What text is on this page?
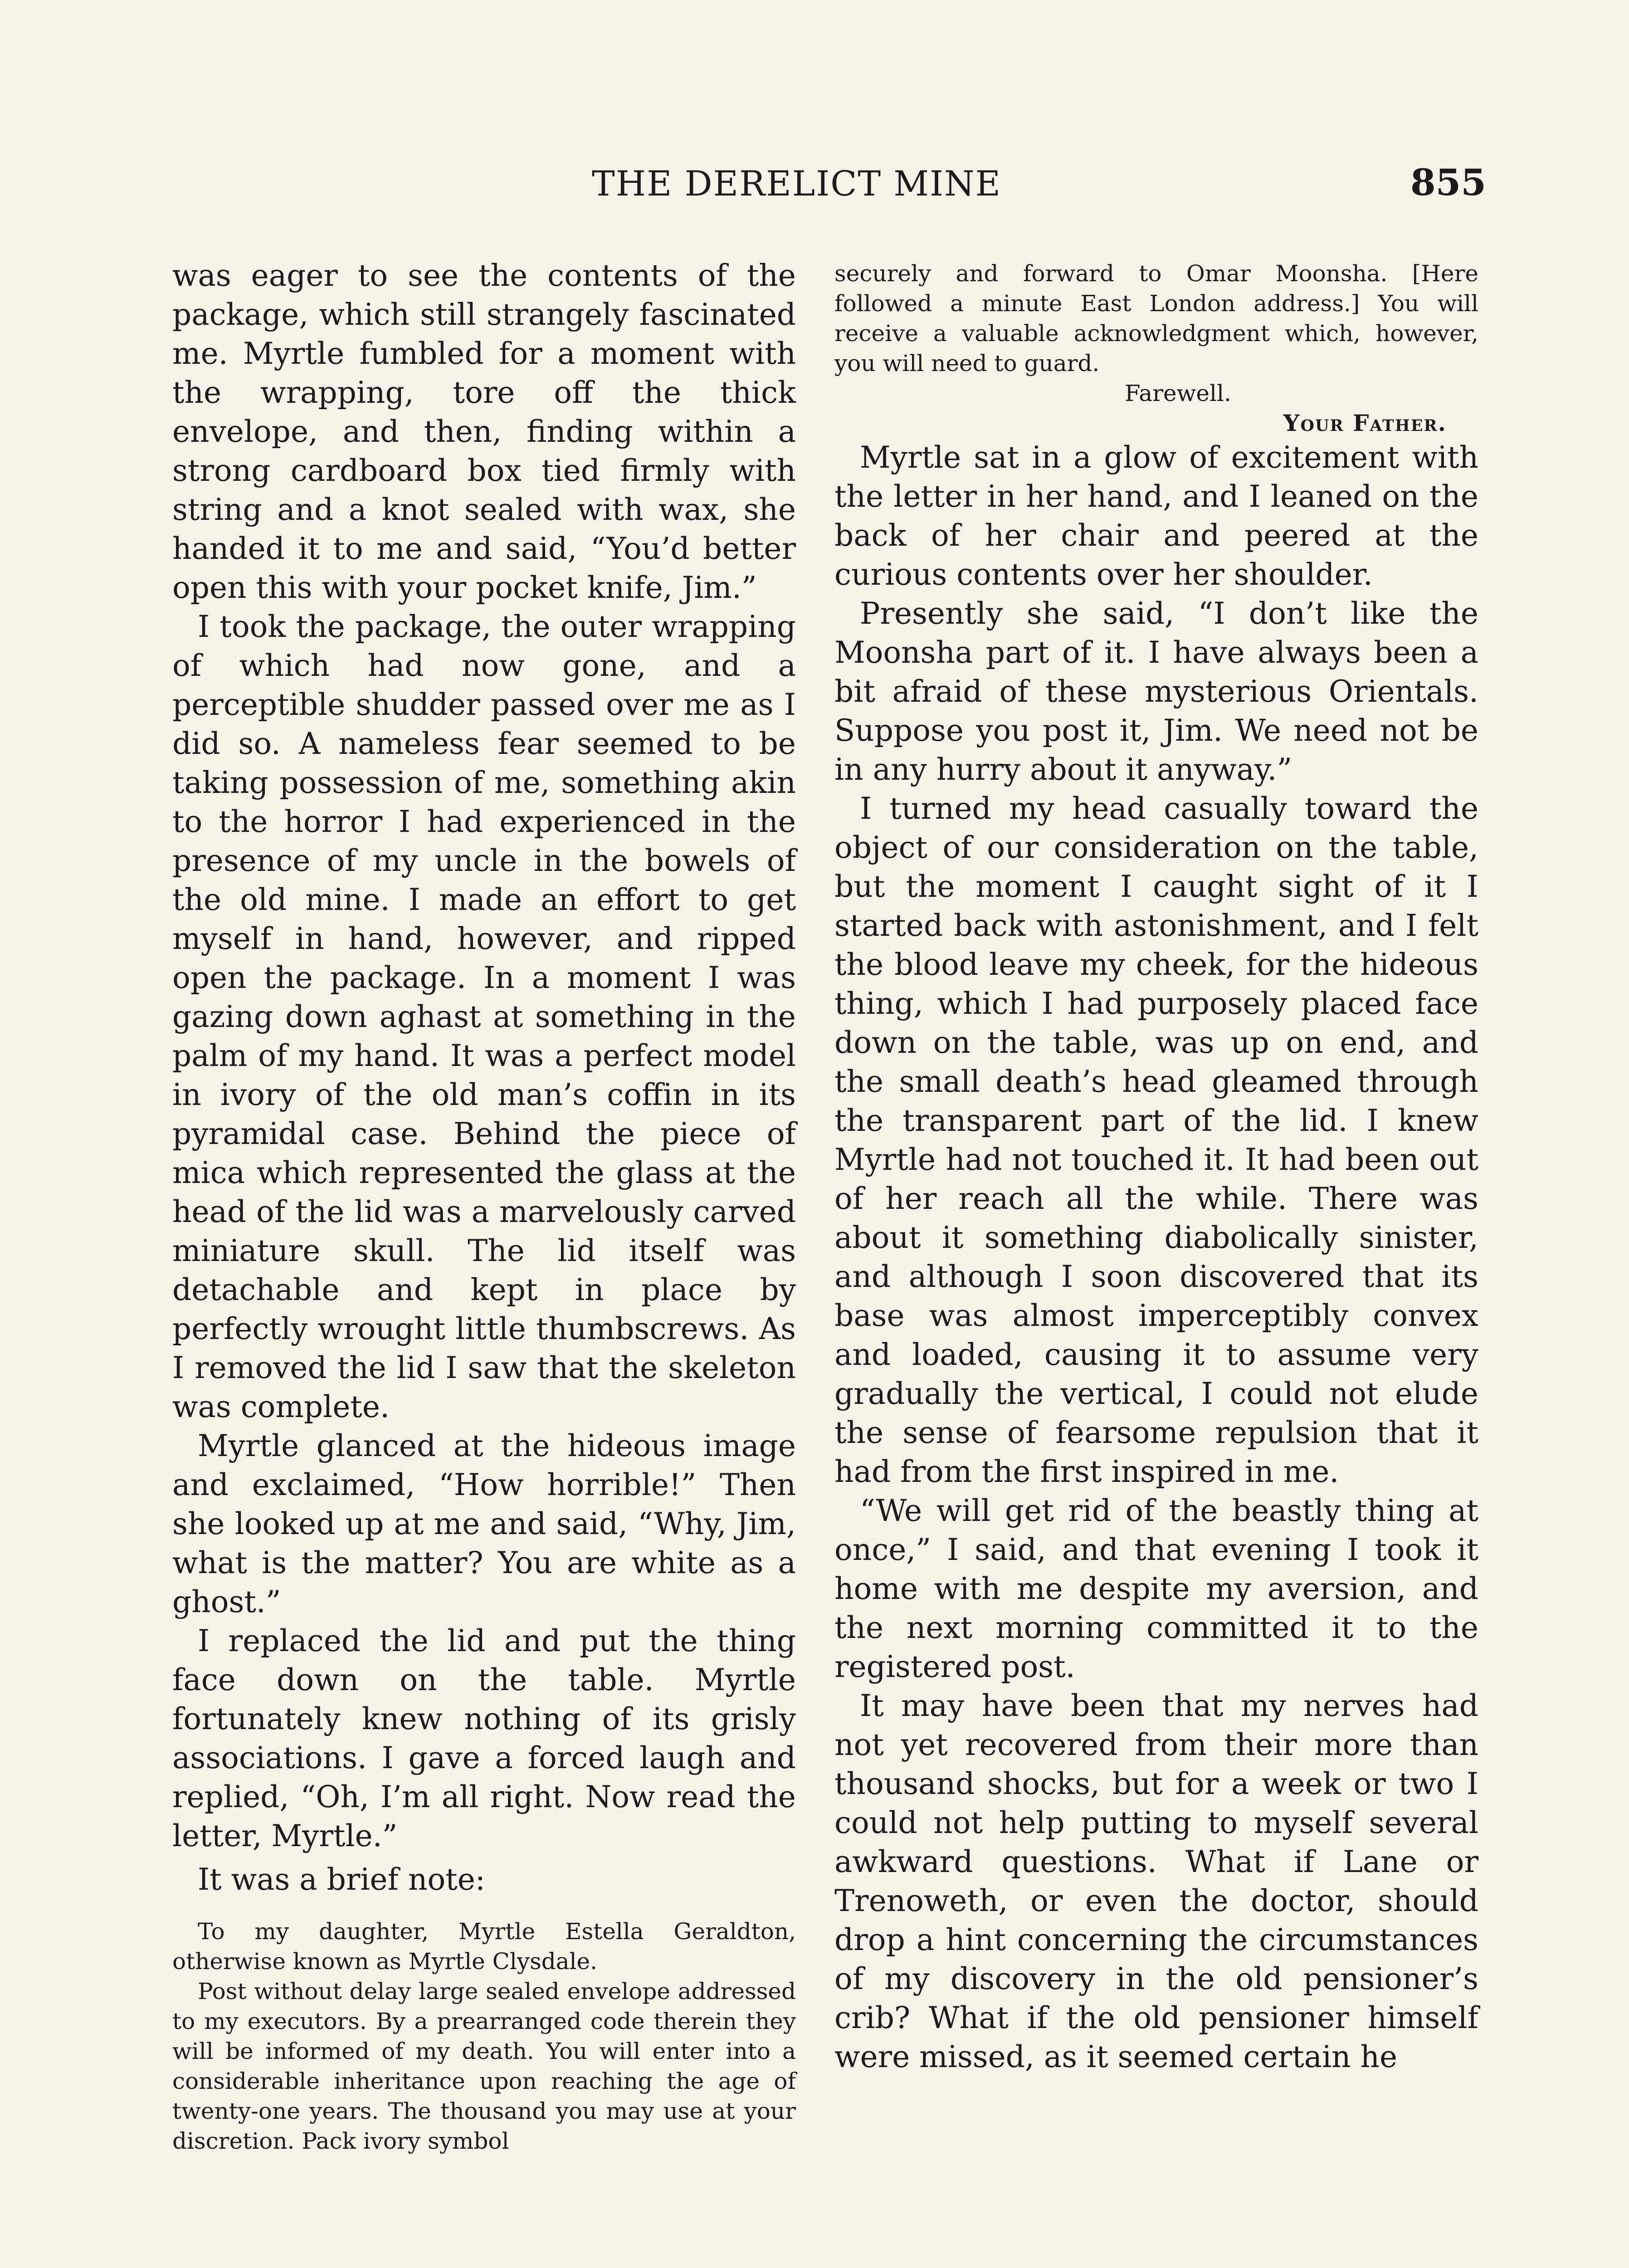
THE DERELICT MINE	855

was eager to see the contents of the package, which still strangely fascinated me. Myrtle fumbled for a moment with the wrapping, tore off the thick envelope, and then, finding within a strong cardboard box tied firmly with string and a knot sealed with wax, she handed it to me and said, “You’d better open this with your pocket knife, Jim.”

I took the package, the outer wrapping of which had now gone, and a perceptible shudder passed over me as I did so. A nameless fear seemed to be taking possession of me, something akin to the horror I had experienced in the presence of my uncle in the bowels of the old mine. I made an effort to get myself in hand, however, and ripped open the package. In a moment I was gazing down aghast at something in the palm of my hand. It was a perfect model in ivory of the old man’s coffin in its pyramidal case. Behind the piece of mica which represented the glass at the head of the lid was a marvelously carved miniature skull. The lid itself was detachable and kept in place by perfectly wrought little thumbscrews. As I removed the lid I saw that the skeleton was complete.

Myrtle glanced at the hideous image and exclaimed, “How horrible!” Then she looked up at me and said, “Why, Jim, what is the matter? You are white as a ghost.”

I replaced the lid and put the thing face down on the table. Myrtle fortunately knew nothing of its grisly associations. I gave a forced laugh and replied, “Oh, I’m all right. Now read the letter, Myrtle.”

It was a brief note:

To my daughter, Myrtle Estella Geraldton, otherwise known as Myrtle Clysdale.

Post without delay large sealed envelope addressed to my executors. By a prearranged code therein they will be informed of my death. You will enter into a considerable inheritance upon reaching the age of twenty-one years. The thousand you may use at your discretion. Pack ivory symbol

securely and forward to Omar Moonsha. [Here followed a minute East London address.] You will receive a valuable acknowledgment which, however, you will need to guard.

Farewell.
Your Father.

Myrtle sat in a glow of excitement with the letter in her hand, and I leaned on the back of her chair and peered at the curious contents over her shoulder.

Presently she said, “I don’t like the Moonsha part of it. I have always been a bit afraid of these mysterious Orientals. Suppose you post it, Jim. We need not be in any hurry about it anyway.”

I turned my head casually toward the object of our consideration on the table, but the moment I caught sight of it I started back with astonishment, and I felt the blood leave my cheek, for the hideous thing, which I had purposely placed face down on the table, was up on end, and the small death’s head gleamed through the transparent part of the lid. I knew Myrtle had not touched it. It had been out of her reach all the while. There was about it something diabolically sinister, and although I soon discovered that its base was almost imperceptibly convex and loaded, causing it to assume very gradually the vertical, I could not elude the sense of fearsome repulsion that it had from the first inspired in me.

“We will get rid of the beastly thing at once,” I said, and that evening I took it home with me despite my aversion, and the next morning committed it to the registered post.

It may have been that my nerves had not yet recovered from their more than thousand shocks, but for a week or two I could not help putting to myself several awkward questions. What if Lane or Trenoweth, or even the doctor, should drop a hint concerning the circumstances of my discovery in the old pensioner’s crib? What if the old pensioner himself were missed, as it seemed certain he
